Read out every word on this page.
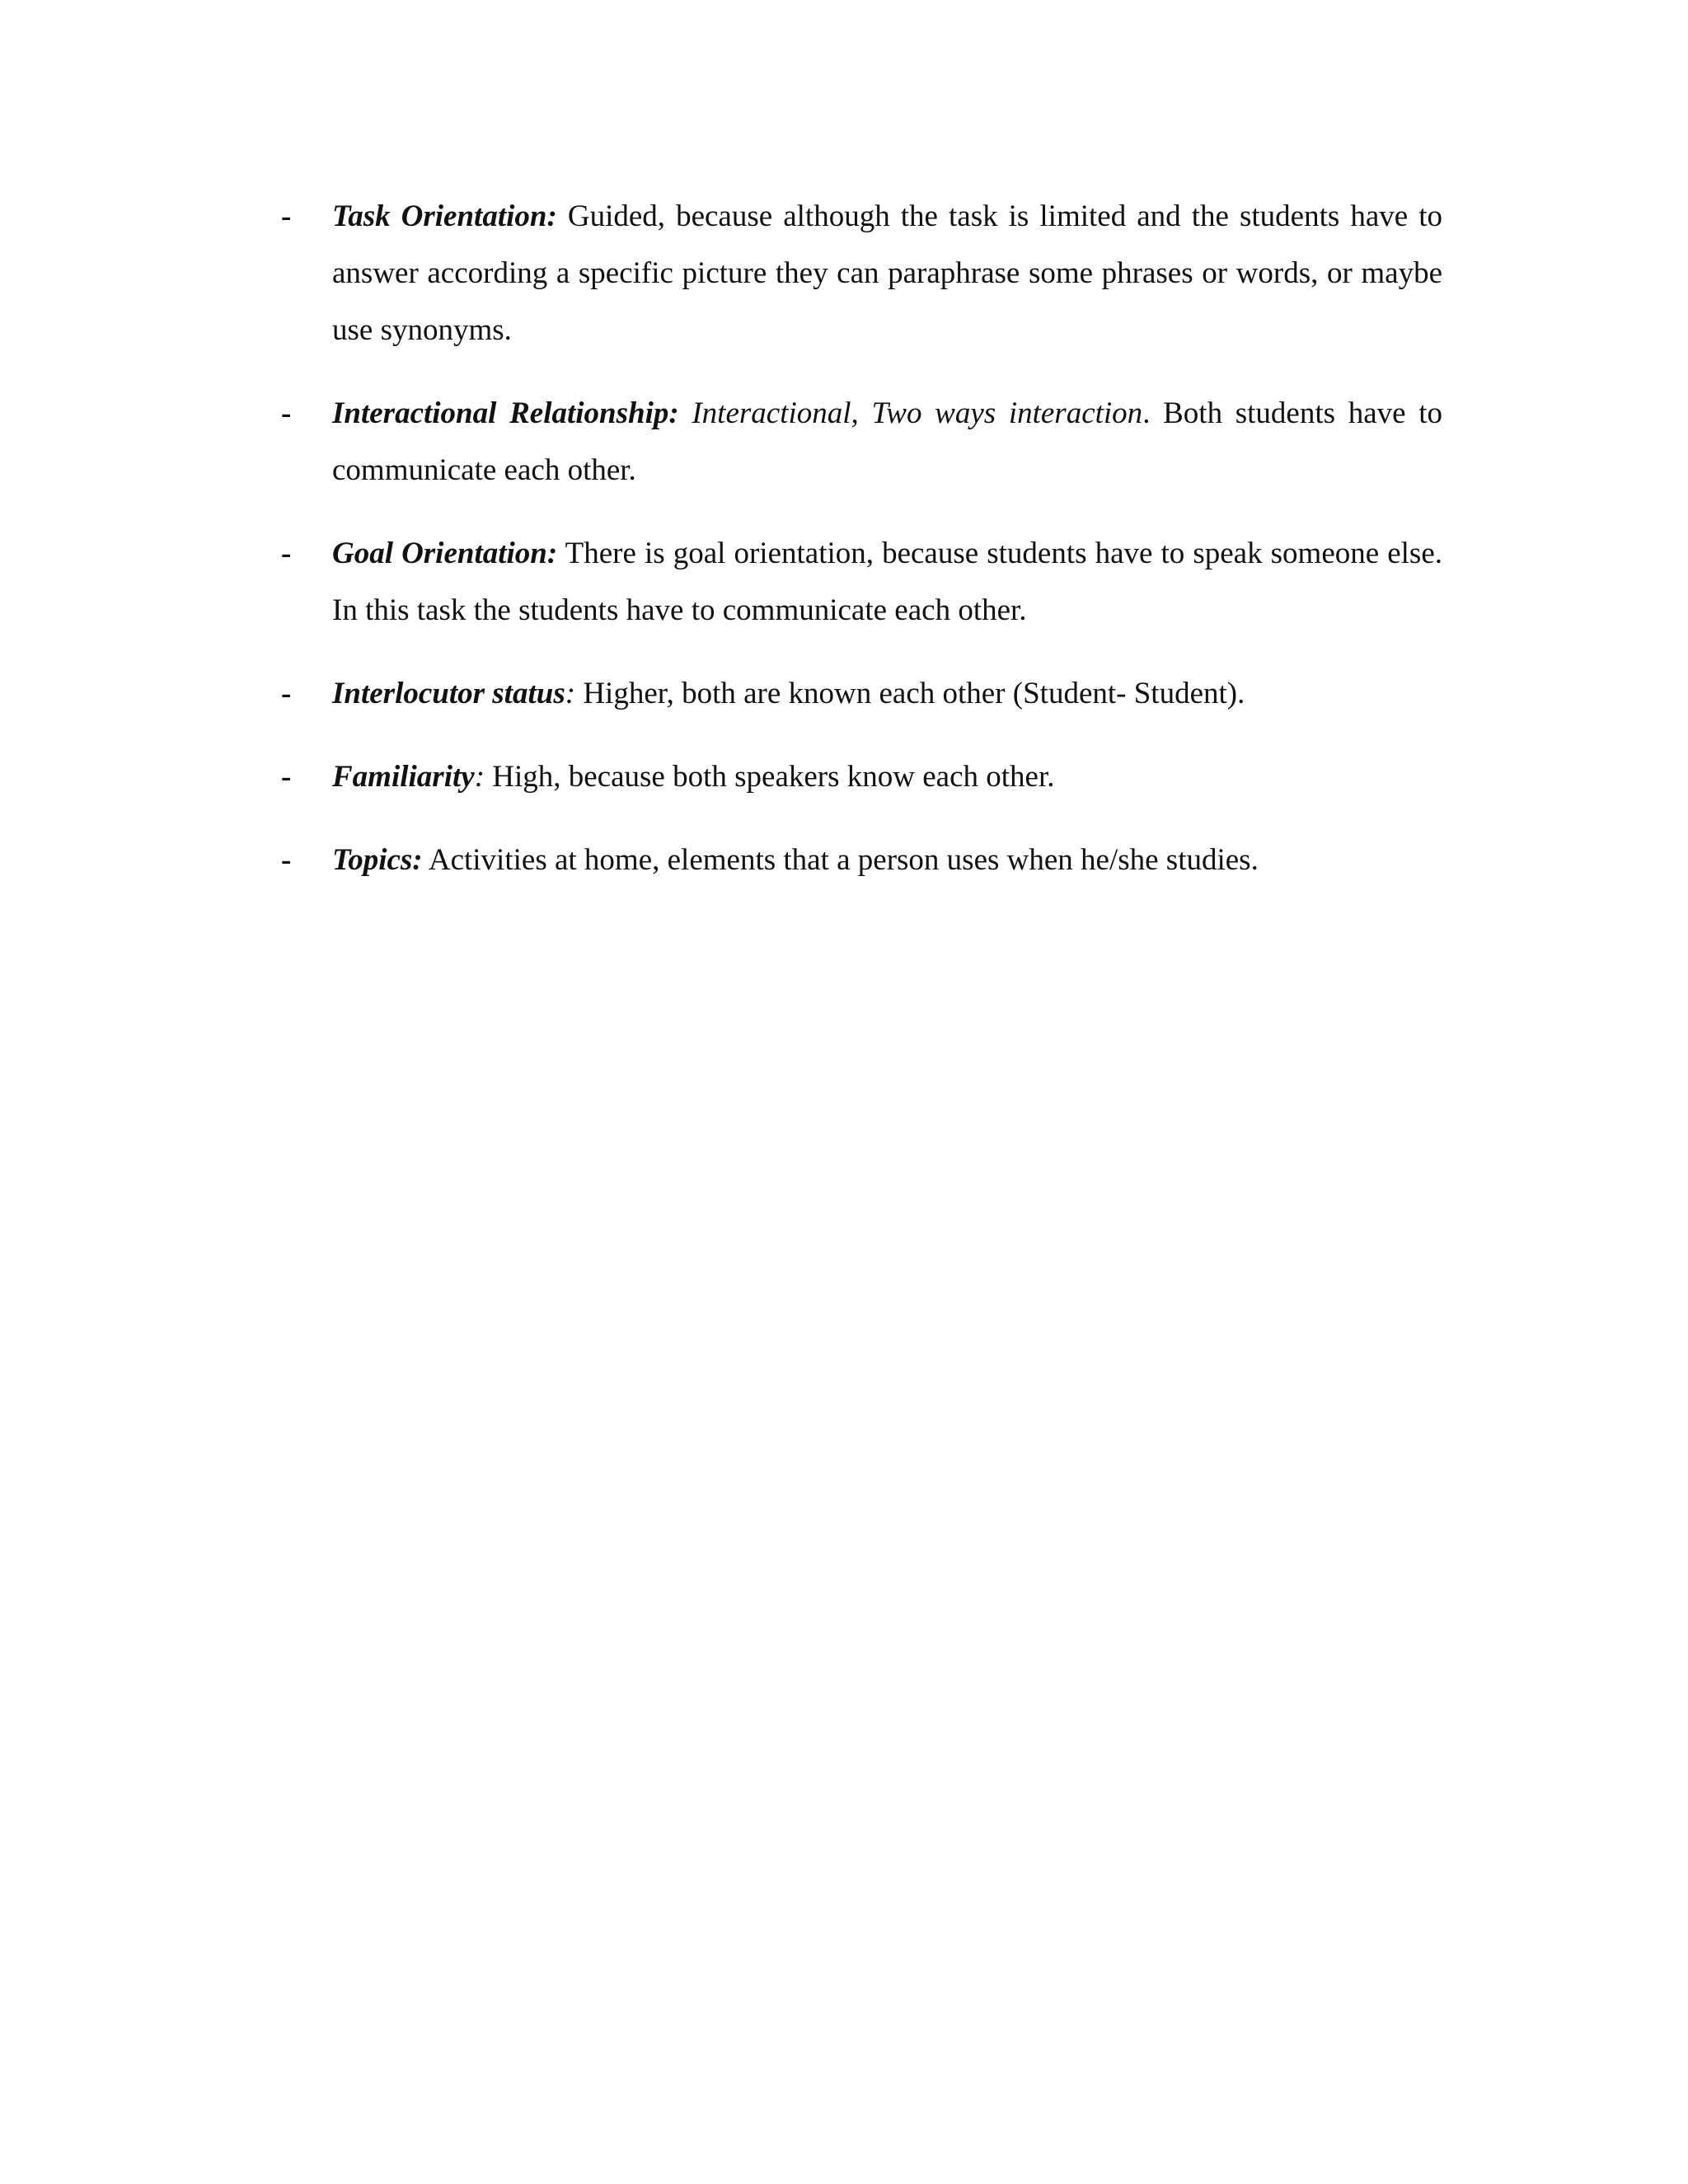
- Task Orientation: Guided, because although the task is limited and the students have to answer according a specific picture they can paraphrase some phrases or words, or maybe use synonyms.
- Interactional Relationship: Interactional, Two ways interaction. Both students have to communicate each other.
- Goal Orientation: There is goal orientation, because students have to speak someone else. In this task the students have to communicate each other.
- Interlocutor status: Higher, both are known each other (Student- Student).
- Familiarity: High, because both speakers know each other.
- Topics: Activities at home, elements that a person uses when he/she studies.
